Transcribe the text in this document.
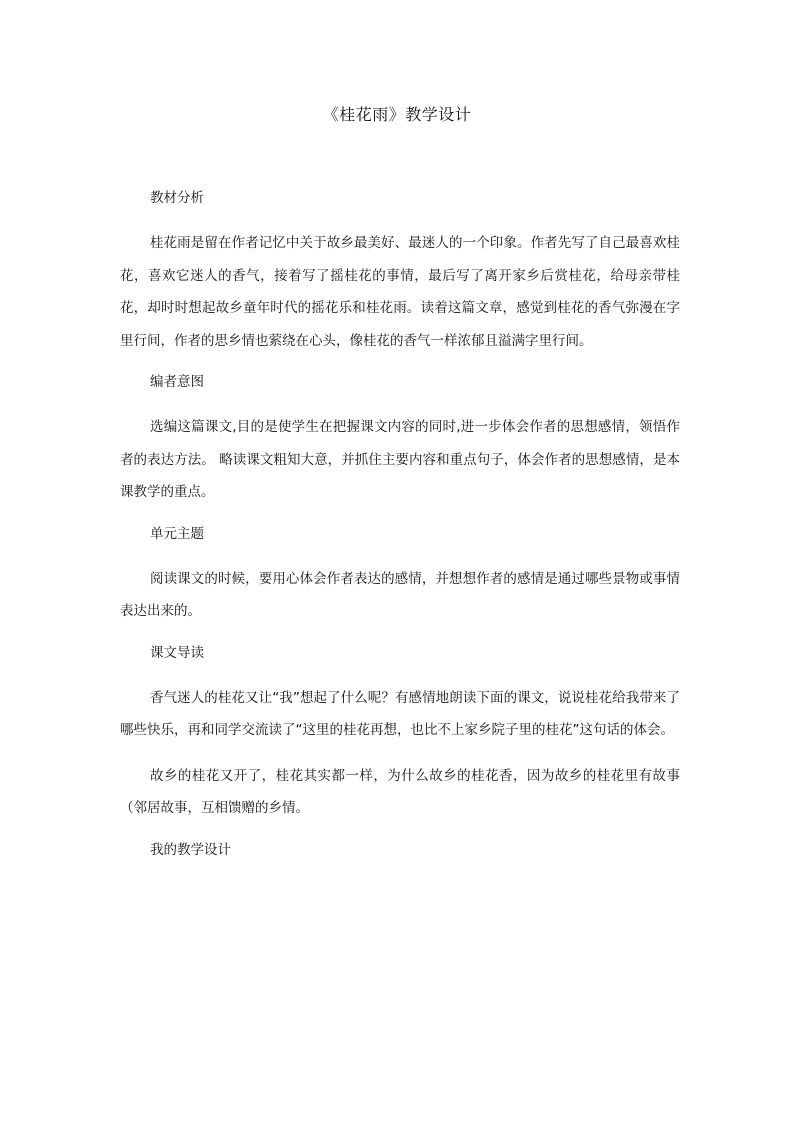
《桂花雨》教学设计

教材分析

桂花雨是留在作者记忆中关于故乡最美好、最迷人的一个印象。作者先写了自己最喜欢桂花，喜欢它迷人的香气，接着写了摇桂花的事情，最后写了离开家乡后赏桂花，给母亲带桂花，却时时想起故乡童年时代的摇花乐和桂花雨。读着这篇文章，感觉到桂花的香气弥漫在字里行间，作者的思乡情也萦绕在心头，像桂花的香气一样浓郁且溢满字里行间。

编者意图

选编这篇课文,目的是使学生在把握课文内容的同时,进一步体会作者的思想感情，领悟作者的表达方法。 略读课文粗知大意，并抓住主要内容和重点句子，体会作者的思想感情，是本课教学的重点。

单元主题

阅读课文的时候，要用心体会作者表达的感情，并想想作者的感情是通过哪些景物或事情表达出来的。

课文导读

香气迷人的桂花又让“我”想起了什么呢？有感情地朗读下面的课文，说说桂花给我带来了哪些快乐，再和同学交流读了“这里的桂花再想，也比不上家乡院子里的桂花”这句话的体会。

故乡的桂花又开了，桂花其实都一样，为什么故乡的桂花香，因为故乡的桂花里有故事（邻居故事，互相馈赠的乡情。

我的教学设计
